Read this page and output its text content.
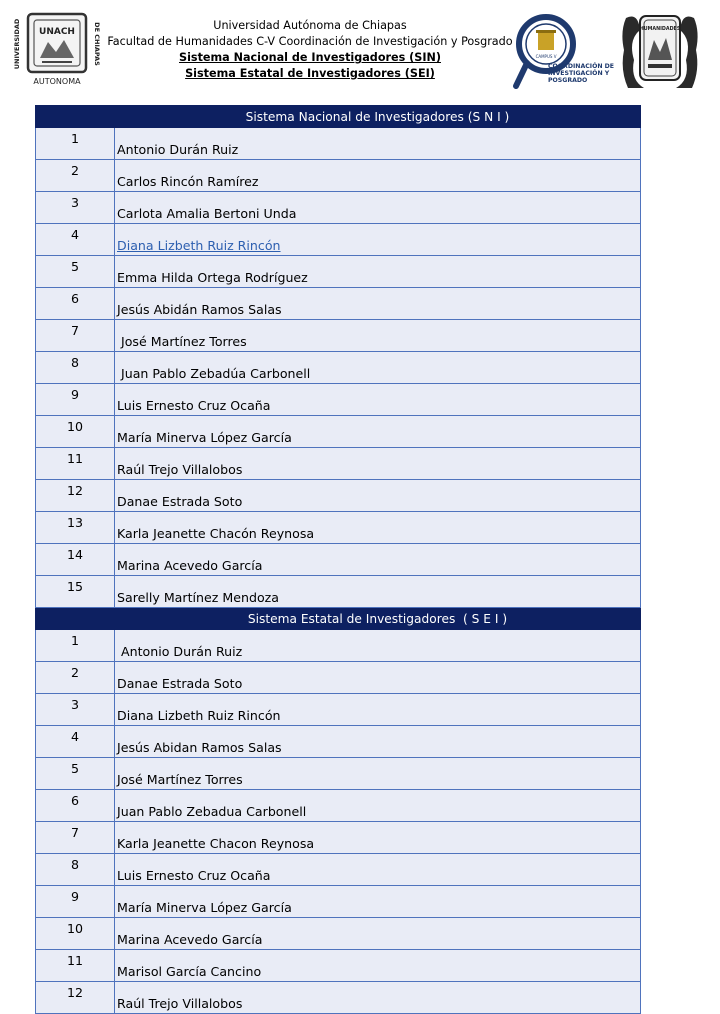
UNIVERSIDAD	DE CHIAPAS
UNACH
AUTONOMA
Universidad Autónoma de Chiapas
Facultad de Humanidades C-V Coordinación de Investigación y Posgrado
Sistema Nacional de Investigadores (SIN)
Sistema Estatal de Investigadores (SEI)
CAMPUS V
COORDINACIÓN DE INVESTIGACIÓN Y POSGRADO
HUMANIDADES
	Sistema Nacional de Investigadores (S N I )
1	Antonio Durán Ruiz
2	Carlos Rincón Ramírez
3	Carlota Amalia Bertoni Unda
4	Diana Lizbeth Ruiz Rincón
5	Emma Hilda Ortega Rodríguez
6	Jesús Abidán Ramos Salas
7	José Martínez Torres
8	Juan Pablo Zebadúa Carbonell
9	Luis Ernesto Cruz Ocaña
10	María Minerva López García
11	Raúl Trejo Villalobos
12	Danae Estrada Soto
13	Karla Jeanette Chacón Reynosa
14	Marina Acevedo García
15	Sarelly Martínez Mendoza
	Sistema Estatal de Investigadores  ( S E I )
1	Antonio Durán Ruiz
2	Danae Estrada Soto
3	Diana Lizbeth Ruiz Rincón
4	Jesús Abidan Ramos Salas
5	José Martínez Torres
6	Juan Pablo Zebadua Carbonell
7	Karla Jeanette Chacon Reynosa
8	Luis Ernesto Cruz Ocaña
9	María Minerva López García
10	Marina Acevedo García
11	Marisol García Cancino
12	Raúl Trejo Villalobos
